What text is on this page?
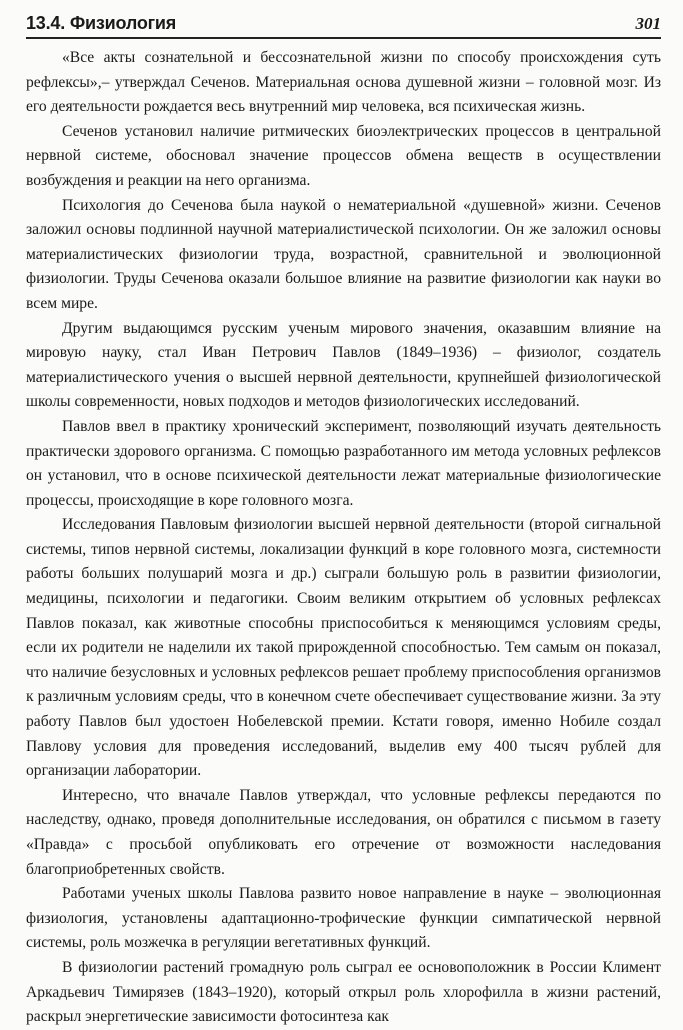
13.4. Физиология	301

«Все акты сознательной и бессознательной жизни по способу происхождения суть рефлексы»,– утверждал Сеченов. Материальная основа душевной жизни – головной мозг. Из его деятельности рождается весь внутренний мир человека, вся психическая жизнь.

Сеченов установил наличие ритмических биоэлектрических процессов в центральной нервной системе, обосновал значение процессов обмена веществ в осуществлении возбуждения и реакции на него организма.

Психология до Сеченова была наукой о нематериальной «душевной» жизни. Сеченов заложил основы подлинной научной материалистической психологии. Он же заложил основы материалистических физиологии труда, возрастной, сравнительной и эволюционной физиологии. Труды Сеченова оказали большое влияние на развитие физиологии как науки во всем мире.

Другим выдающимся русским ученым мирового значения, оказавшим влияние на мировую науку, стал Иван Петрович Павлов (1849–1936) – физиолог, создатель материалистического учения о высшей нервной деятельности, крупнейшей физиологической школы современности, новых подходов и методов физиологических исследований.

Павлов ввел в практику хронический эксперимент, позволяющий изучать деятельность практически здорового организма. С помощью разработанного им метода условных рефлексов он установил, что в основе психической деятельности лежат материальные физиологические процессы, происходящие в коре головного мозга.

Исследования Павловым физиологии высшей нервной деятельности (второй сигнальной системы, типов нервной системы, локализации функций в коре головного мозга, системности работы больших полушарий мозга и др.) сыграли большую роль в развитии физиологии, медицины, психологии и педагогики. Своим великим открытием об условных рефлексах Павлов показал, как животные способны приспособиться к меняющимся условиям среды, если их родители не наделили их такой прирожденной способностью. Тем самым он показал, что наличие безусловных и условных рефлексов решает проблему приспособления организмов к различным условиям среды, что в конечном счете обеспечивает существование жизни. За эту работу Павлов был удостоен Нобелевской премии. Кстати говоря, именно Нобиле создал Павлову условия для проведения исследований, выделив ему 400 тысяч рублей для организации лаборатории.

Интересно, что вначале Павлов утверждал, что условные рефлексы передаются по наследству, однако, проведя дополнительные исследования, он обратился с письмом в газету «Правда» с просьбой опубликовать его отречение от возможности наследования благоприобретенных свойств.

Работами ученых школы Павлова развито новое направление в науке – эволюционная физиология, установлены адаптационно-трофические функции симпатической нервной системы, роль мозжечка в регуляции вегетативных функций.

В физиологии растений громадную роль сыграл ее основоположник в России Климент Аркадьевич Тимирязев (1843–1920), который открыл роль хлорофилла в жизни растений, раскрыл энергетические зависимости фотосинтеза как
